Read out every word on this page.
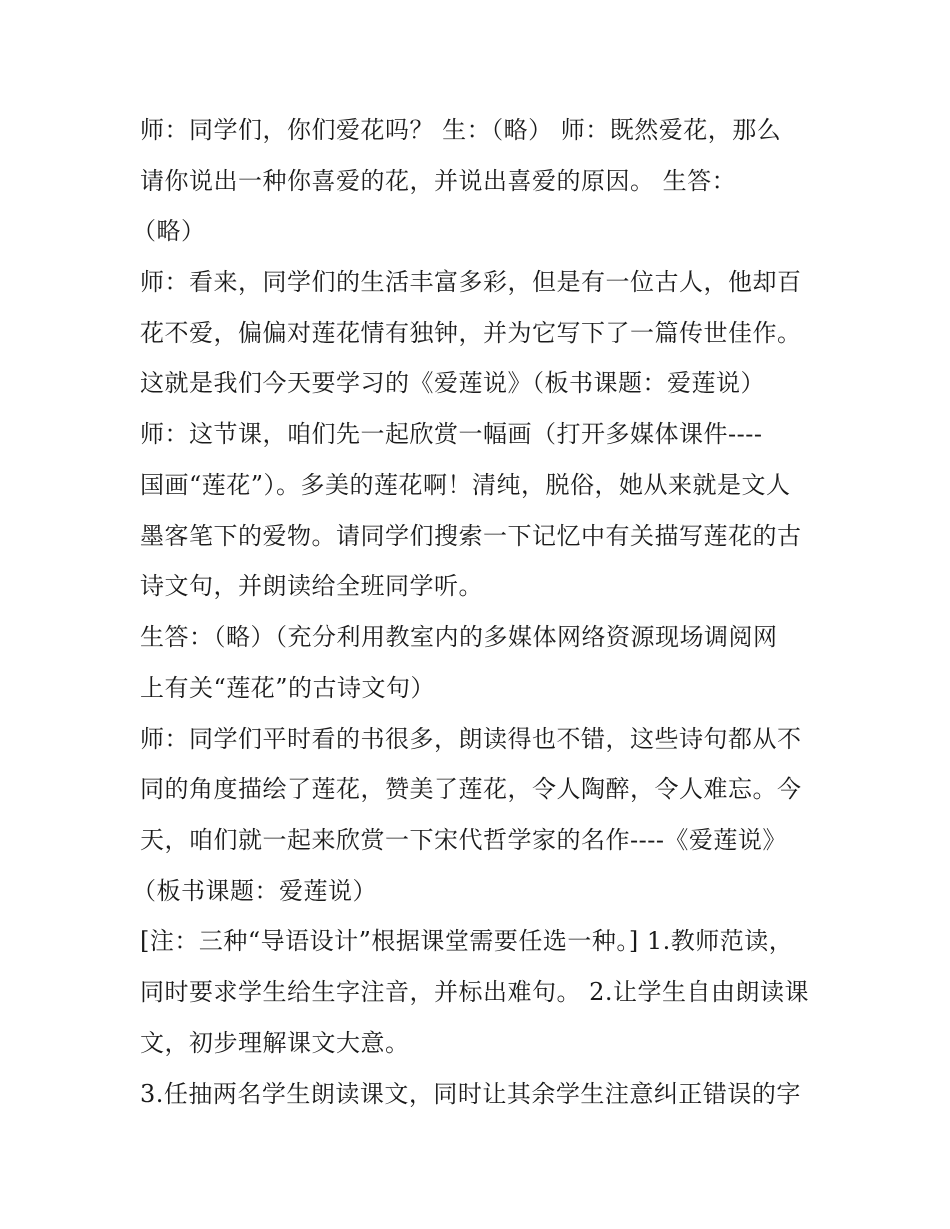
师：同学们，你们爱花吗？ 生：（略） 师：既然爱花，那么
请你说出一种你喜爱的花，并说出喜爱的原因。 生答：
（略）
师：看来，同学们的生活丰富多彩，但是有一位古人，他却百
花不爱，偏偏对莲花情有独钟，并为它写下了一篇传世佳作。
这就是我们今天要学习的《爱莲说》（板书课题：爱莲说）
师：这节课，咱们先一起欣赏一幅画（打开多媒体课件----
国画“莲花”）。多美的莲花啊！清纯，脱俗，她从来就是文人
墨客笔下的爱物。请同学们搜索一下记忆中有关描写莲花的古
诗文句，并朗读给全班同学听。
生答：（略）（充分利用教室内的多媒体网络资源现场调阅网
上有关“莲花”的古诗文句）
师：同学们平时看的书很多，朗读得也不错，这些诗句都从不
同的角度描绘了莲花，赞美了莲花，令人陶醉，令人难忘。今
天，咱们就一起来欣赏一下宋代哲学家的名作----《爱莲说》
（板书课题：爱莲说）
[注：三种“导语设计”根据课堂需要任选一种。] 1.教师范读，
同时要求学生给生字注音，并标出难句。 2.让学生自由朗读课
文，初步理解课文大意。
3.任抽两名学生朗读课文，同时让其余学生注意纠正错误的字
